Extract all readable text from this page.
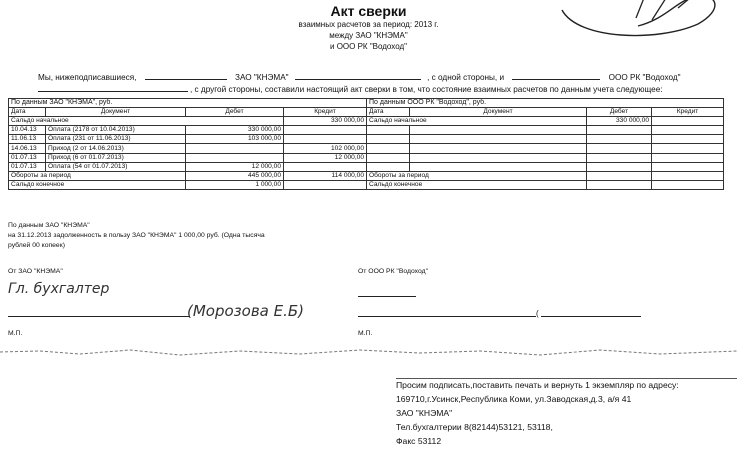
Акт сверки
взаимных расчетов за период: 2013 г.
между ЗАО "КНЭМА"
и ООО РК "Водоход"
Мы, нижеподписавшиеся,	ЗАО "КНЭМА"	, с одной стороны, и	ООО РК "Водоход"
, с другой стороны, составили настоящий акт сверки в том, что состояние взаимных расчетов по данным учета следующее:
По данным ЗАО "КНЭМА", руб.				По данным ООО РК "Водоход", руб.			
Дата	Документ	Дебет	Кредит	Дата	Документ	Дебет	Кредит
Сальдо начальное			330 000,00	Сальдо начальное		330 000,00	
10.04.13	Оплата (2178 от 10.04.2013)	330 000,00					
11.06.13	Оплата (231 от 11.06.2013)	103 000,00					
14.06.13	Приход (2 от 14.06.2013)		102 000,00				
01.07.13	Приход (6 от 01.07.2013)		12 000,00				
01.07.13	Оплата (54 от 01.07.2013)	12 000,00					
Обороты за период		445 000,00	114 000,00	Обороты за период			
Сальдо конечное		1 000,00		Сальдо конечное			
По данным ЗАО "КНЭМА"
на 31.12.2013 задолженность в пользу ЗАО "КНЭМА" 1 000,00 руб. (Одна тысяча
рублей 00 копеек)
От ЗАО "КНЭМА"	От ООО РК "Водоход"
Гл. бухгалтер
(Морозова Е.Б)	(
М.П.	М.П.
Просим подписать,поставить печать и вернуть 1 экземпляр по адресу:
169710,г.Усинск,Республика Коми, ул.Заводская,д.3, а/я 41
ЗАО "КНЭМА"
Тел.бухгалтерии 8(82144)53121, 53118,
Факс 53112
